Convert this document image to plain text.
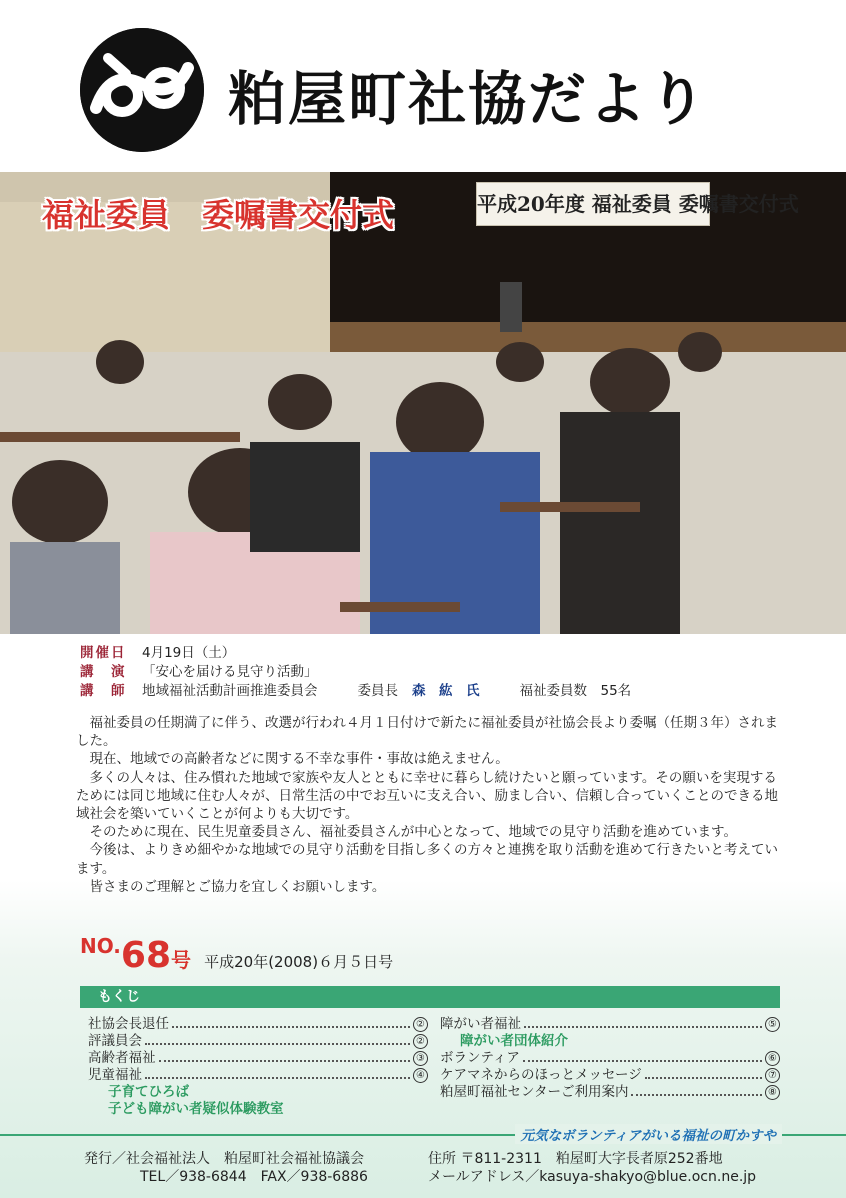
粕屋町社協だより
平成20年度 福祉委員 委嘱書交付式
福祉委員　委嘱書交付式
開催日	4月19日（土）
講　演	「安心を届ける見守り活動」
講　師	地域福祉活動計画推進委員会	委員長 森　紘　氏	福祉委員数　55名

福祉委員の任期満了に伴う、改選が行われ４月１日付けで新たに福祉委員が社協会長より委嘱（任期３年）されました。

現在、地域での高齢者などに関する不幸な事件・事故は絶えません。

多くの人々は、住み慣れた地域で家族や友人とともに幸せに暮らし続けたいと願っています。その願いを実現するためには同じ地域に住む人々が、日常生活の中でお互いに支え合い、励まし合い、信頼し合っていくことのできる地域社会を築いていくことが何よりも大切です。

そのために現在、民生児童委員さん、福祉委員さんが中心となって、地域での見守り活動を進めています。

今後は、よりきめ細やかな地域での見守り活動を目指し多くの方々と連携を取り活動を進めて行きたいと考えています。

皆さまのご理解とご協力を宜しくお願いします。

NO.68号 平成20年(2008)６月５日号
もくじ
社協会長退任	②
評議員会	②
高齢者福祉	③
児童福祉	④
子育てひろば
子ども障がい者疑似体験教室
障がい者福祉	⑤
障がい者団体紹介
ボランティア	⑥
ケアマネからのほっとメッセージ	⑦
粕屋町福祉センターご利用案内	⑧
元気なボランティアがいる福祉の町かすや
発行／社会福祉法人　粕屋町社会福祉協議会
TEL／938-6844　FAX／938-6886
住所 〒811-2311　粕屋町大字長者原252番地
メールアドレス／kasuya-shakyo@blue.ocn.ne.jp
